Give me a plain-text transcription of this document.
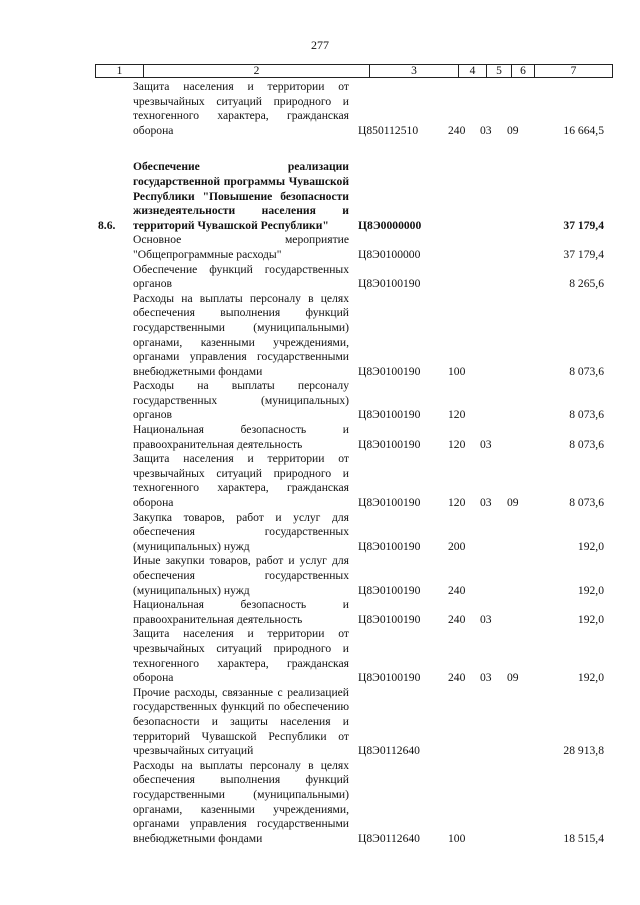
277
1	2	3	4	5	6	7
Защита населения и территории от чрезвычайных ситуаций природного и техногенного характера, гражданская оборона	Ц850112510	240 03 09	16 664,5
8.6.
Обеспечение реализации государственной программы Чувашской Республики "Повышение безопасности жизнедеятельности населения и территорий Чувашской Республики"	Ц8Э0000000	37 179,4
Основное мероприятие "Общепрограммные расходы"	Ц8Э0100000	37 179,4
Обеспечение функций государственных органов	Ц8Э0100190	8 265,6
Расходы на выплаты персоналу в целях обеспечения выполнения функций государственными (муниципальными) органами, казенными учреждениями, органами управления государственными внебюджетными фондами	Ц8Э0100190 100	8 073,6
Расходы на выплаты персоналу государственных (муниципальных) органов	Ц8Э0100190 120	8 073,6
Национальная безопасность и правоохранительная деятельность	Ц8Э0100190 120 03	8 073,6
Защита населения и территории от чрезвычайных ситуаций природного и техногенного характера, гражданская оборона	Ц8Э0100190 120 03 09	8 073,6
Закупка товаров, работ и услуг для обеспечения государственных (муниципальных) нужд	Ц8Э0100190 200	192,0
Иные закупки товаров, работ и услуг для обеспечения государственных (муниципальных) нужд	Ц8Э0100190 240	192,0
Национальная безопасность и правоохранительная деятельность	Ц8Э0100190 240 03	192,0
Защита населения и территории от чрезвычайных ситуаций природного и техногенного характера, гражданская оборона	Ц8Э0100190 240 03 09	192,0
Прочие расходы, связанные с реализацией государственных функций по обеспечению безопасности и защиты населения и территорий Чувашской Республики от чрезвычайных ситуаций	Ц8Э0112640	28 913,8
Расходы на выплаты персоналу в целях обеспечения выполнения функций государственными (муниципальными) органами, казенными учреждениями, органами управления государственными внебюджетными фондами	Ц8Э0112640 100	18 515,4
